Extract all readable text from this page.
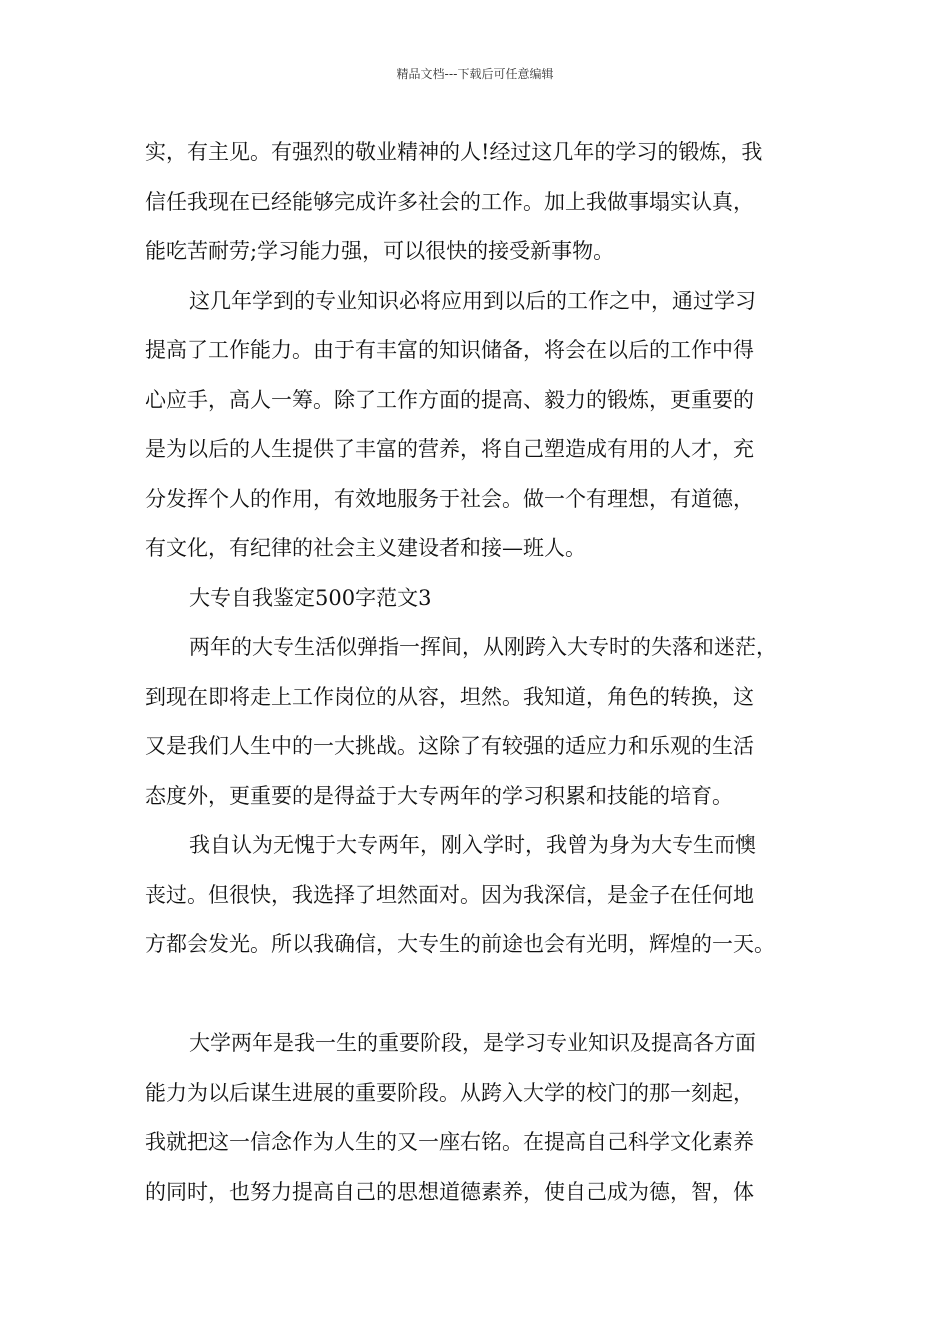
精品文档---下载后可任意编辑
实，有主见。有强烈的敬业精神的人!经过这几年的学习的锻炼，我
信任我现在已经能够完成许多社会的工作。加上我做事塌实认真，
能吃苦耐劳;学习能力强，可以很快的接受新事物。
这几年学到的专业知识必将应用到以后的工作之中，通过学习
提高了工作能力。由于有丰富的知识储备，将会在以后的工作中得
心应手，高人一筹。除了工作方面的提高、毅力的锻炼，更重要的
是为以后的人生提供了丰富的营养，将自己塑造成有用的人才，充
分发挥个人的作用，有效地服务于社会。做一个有理想，有道德，
有文化，有纪律的社会主义建设者和接—班人。
大专自我鉴定500字范文3
两年的大专生活似弹指一挥间，从刚跨入大专时的失落和迷茫，
到现在即将走上工作岗位的从容，坦然。我知道，角色的转换，这
又是我们人生中的一大挑战。这除了有较强的适应力和乐观的生活
态度外，更重要的是得益于大专两年的学习积累和技能的培育。
我自认为无愧于大专两年，刚入学时，我曾为身为大专生而懊
丧过。但很快，我选择了坦然面对。因为我深信，是金子在任何地
方都会发光。所以我确信，大专生的前途也会有光明，辉煌的一天。
大学两年是我一生的重要阶段，是学习专业知识及提高各方面
能力为以后谋生进展的重要阶段。从跨入大学的校门的那一刻起，
我就把这一信念作为人生的又一座右铭。在提高自己科学文化素养
的同时，也努力提高自己的思想道德素养，使自己成为德，智，体
